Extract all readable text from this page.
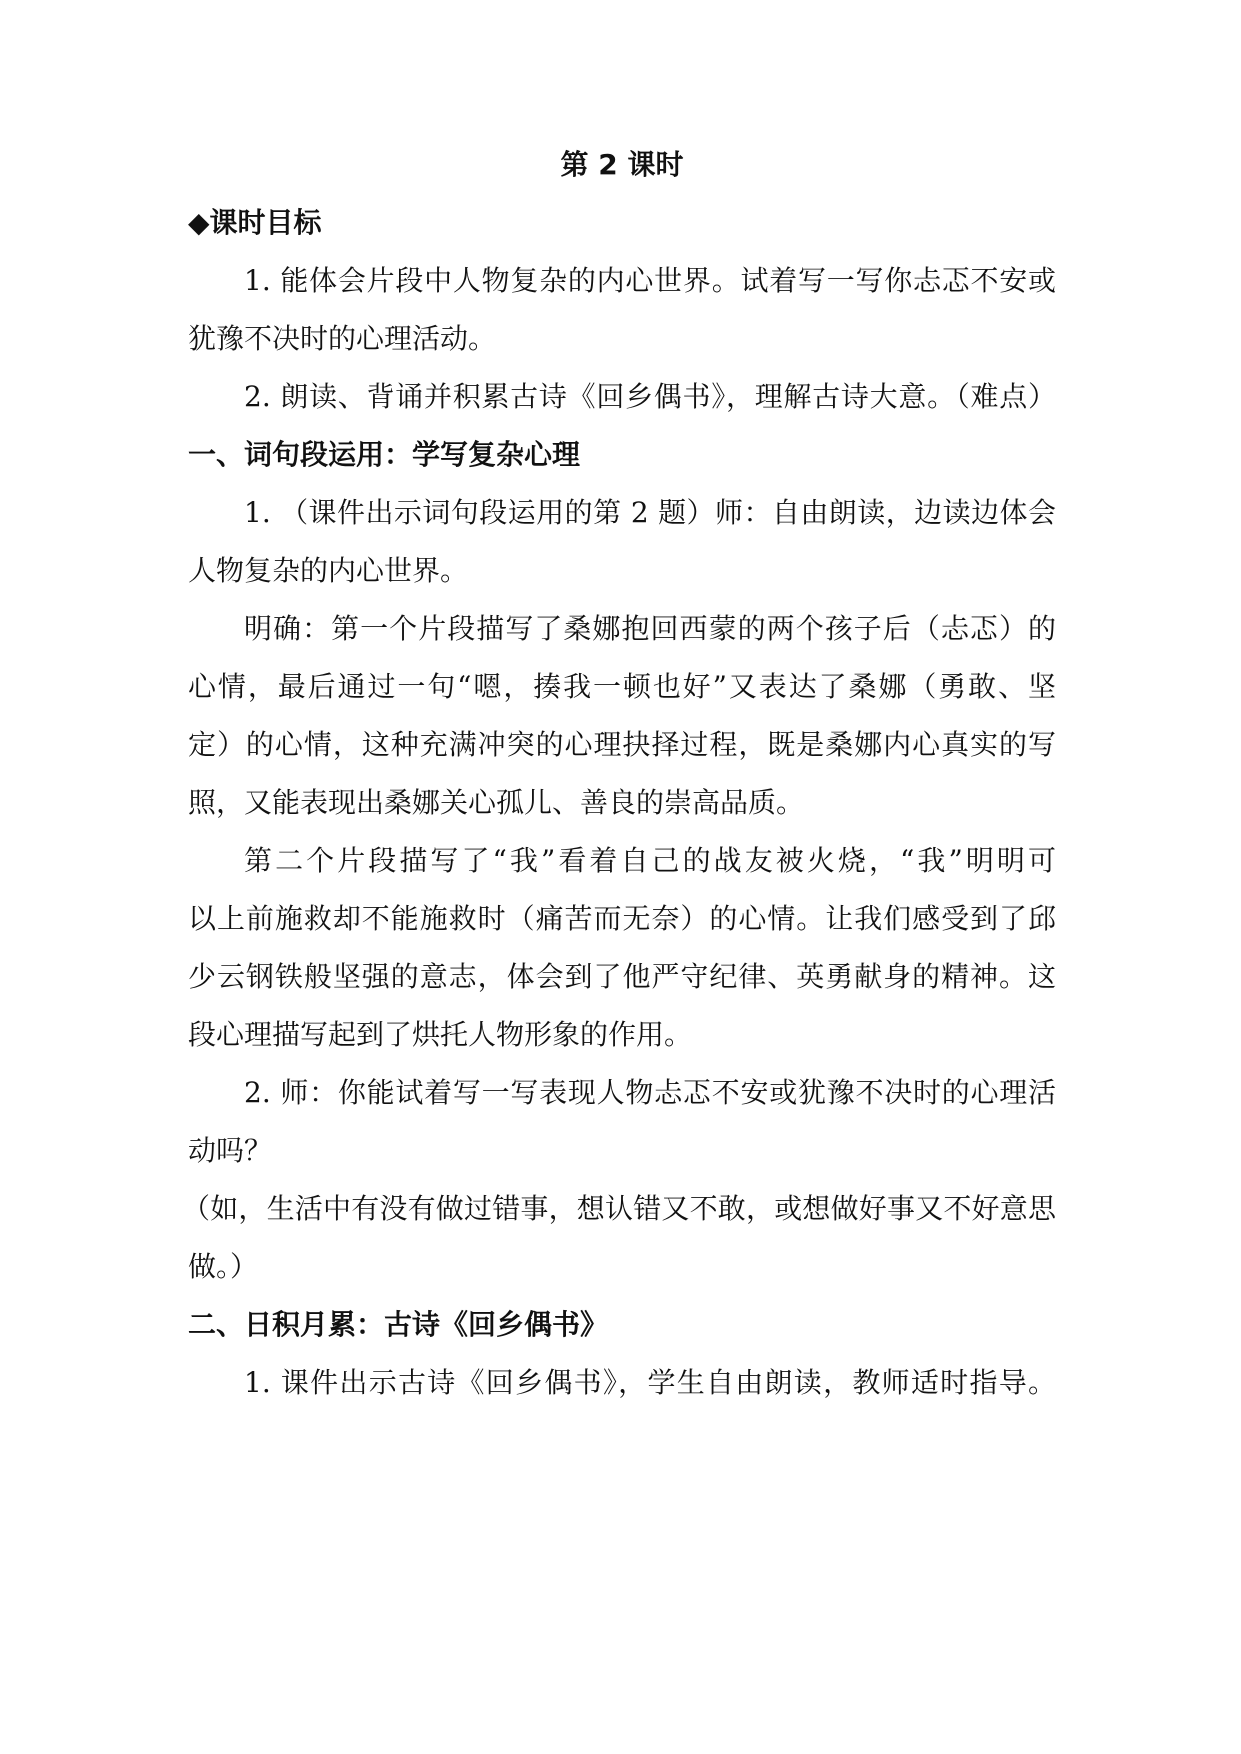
第 2 课时
◆课时目标
1. 能体会片段中人物复杂的内心世界。试着写一写你忐忑不安或
犹豫不决时的心理活动。
2. 朗读、背诵并积累古诗《回乡偶书》，理解古诗大意。（难点）
一、词句段运用：学写复杂心理
1. （课件出示词句段运用的第 2 题）师：自由朗读，边读边体会
人物复杂的内心世界。
明确：第一个片段描写了桑娜抱回西蒙的两个孩子后（忐忑）的
心情，最后通过一句“嗯，揍我一顿也好”又表达了桑娜（勇敢、坚
定）的心情，这种充满冲突的心理抉择过程，既是桑娜内心真实的写
照，又能表现出桑娜关心孤儿、善良的崇高品质。
第二个片段描写了“我”看着自己的战友被火烧，“我”明明可
以上前施救却不能施救时（痛苦而无奈）的心情。让我们感受到了邱
少云钢铁般坚强的意志，体会到了他严守纪律、英勇献身的精神。这
段心理描写起到了烘托人物形象的作用。
2. 师：你能试着写一写表现人物忐忑不安或犹豫不决时的心理活
动吗？
（如，生活中有没有做过错事，想认错又不敢，或想做好事又不好意思
做。）
二、日积月累：古诗《回乡偶书》
1. 课件出示古诗《回乡偶书》，学生自由朗读，教师适时指导。
